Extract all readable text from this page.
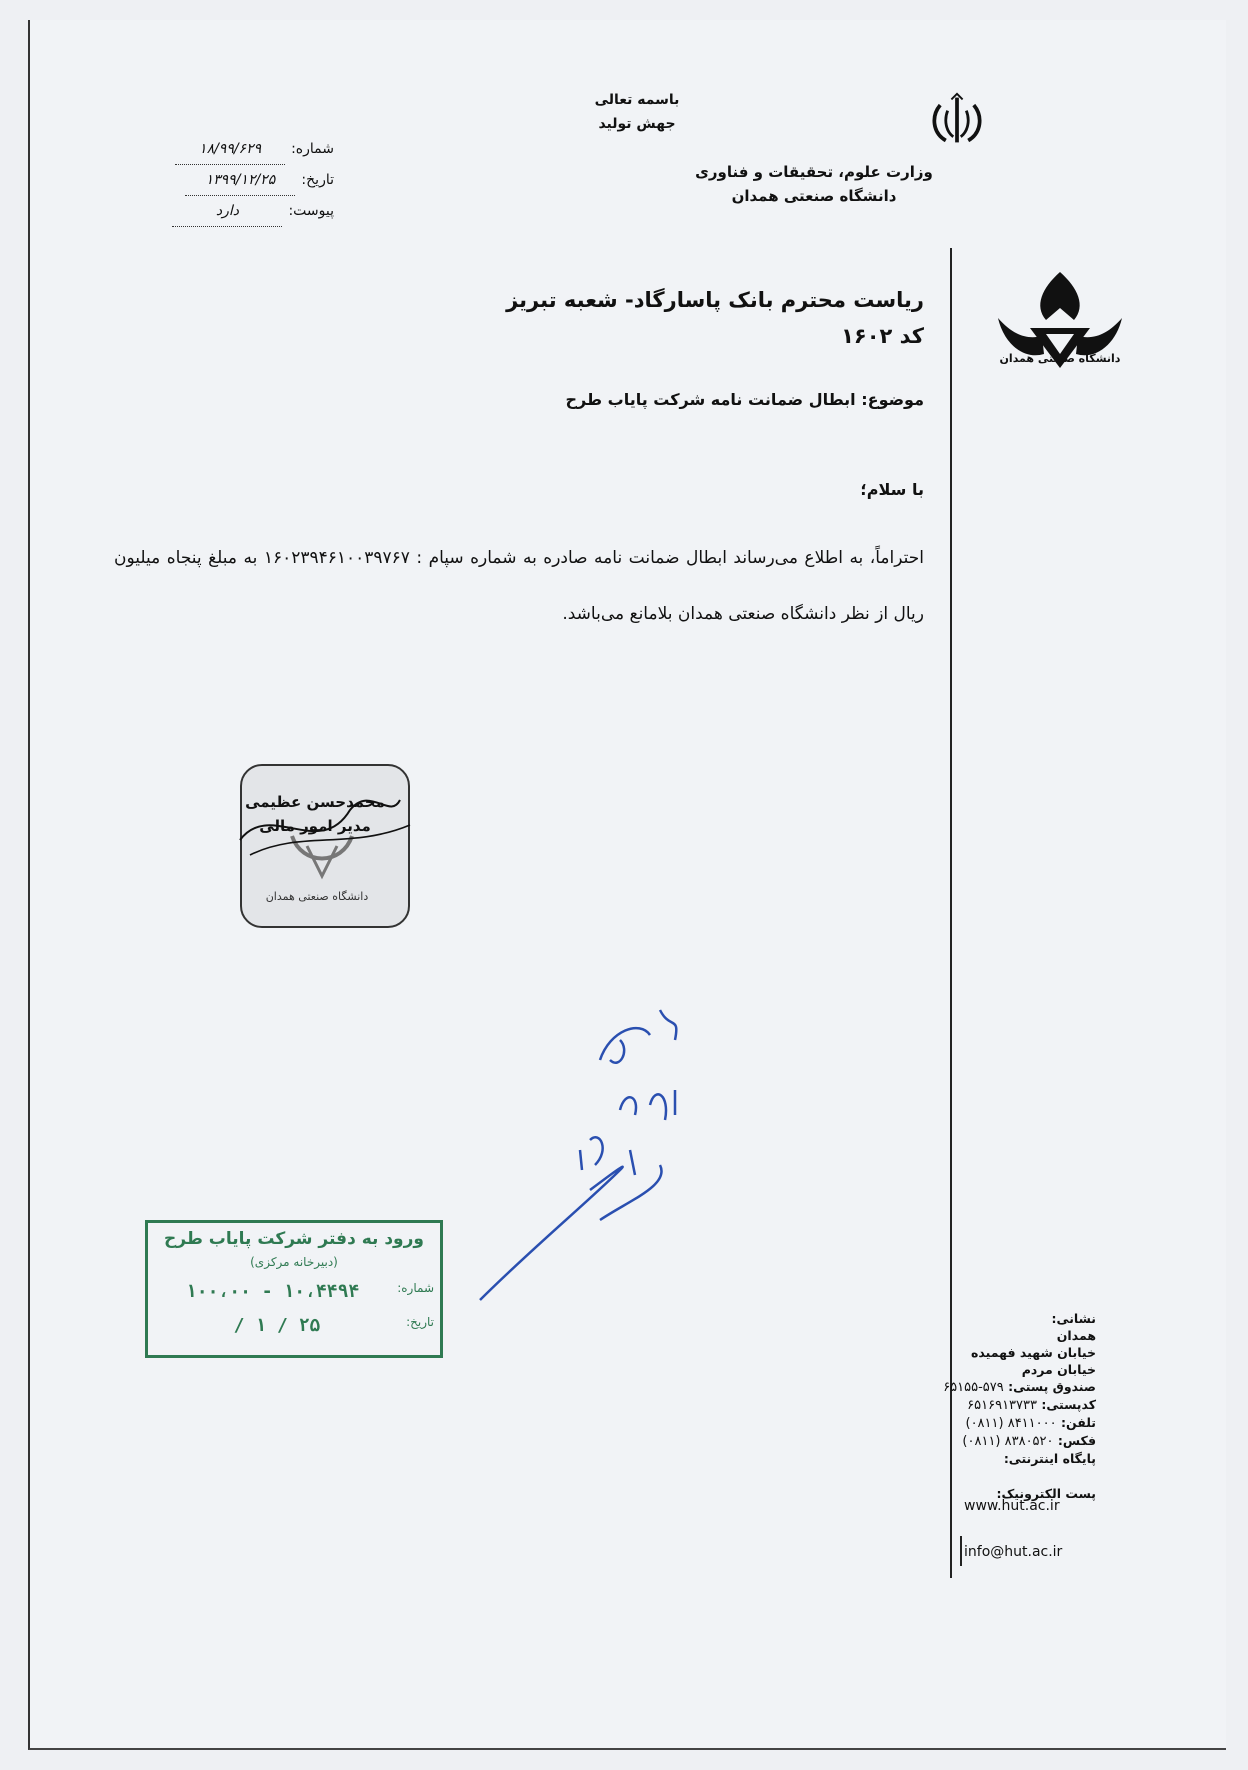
وزارت علوم، تحقیقات و فناوری
دانشگاه صنعتی همدان
باسمه تعالی
جهش تولید
شماره:
۱۸/۹۹/۶۲۹
تاریخ:
۱۳۹۹/۱۲/۲۵
پیوست:
دارد
دانشگاه صنعتی همدان
ریاست محترم بانک پاسارگاد- شعبه تبریز
کد ۱۶۰۲
موضوع: ابطال ضمانت نامه شرکت پایاب طرح
با سلام؛
احتراماً، به اطلاع می‌رساند ابطال ضمانت نامه صادره به شماره سپام : ۱۶۰۲۳۹۴۶۱۰۰۳۹۷۶۷ به مبلغ پنجاه میلیون ریال از نظر دانشگاه صنعتی همدان بلامانع می‌باشد.
محمدحسن عظیمی
مدیر امور مالی
دانشگاه صنعتی همدان
ورود به دفتر شرکت پایاب طرح
(دبیرخانه مرکزی)
شماره:
۱۰،۴۴۹۴ - ۱۰۰،۰۰
تاریخ:
۲۵ / ۱ /	نشانی:
همدان
خیابان شهید فهمیده
خیابان مردم
صندوق پستی: ۶۵۱۵۵-۵۷۹
کدپستی: ۶۵۱۶۹۱۳۷۳۳
تلفن: (۰۸۱۱) ۸۴۱۱۰۰۰
فکس: (۰۸۱۱) ۸۳۸۰۵۲۰
پایگاه اینترنتی:
پست الکترونیک:
www.hut.ac.ir
info@hut.ac.ir
